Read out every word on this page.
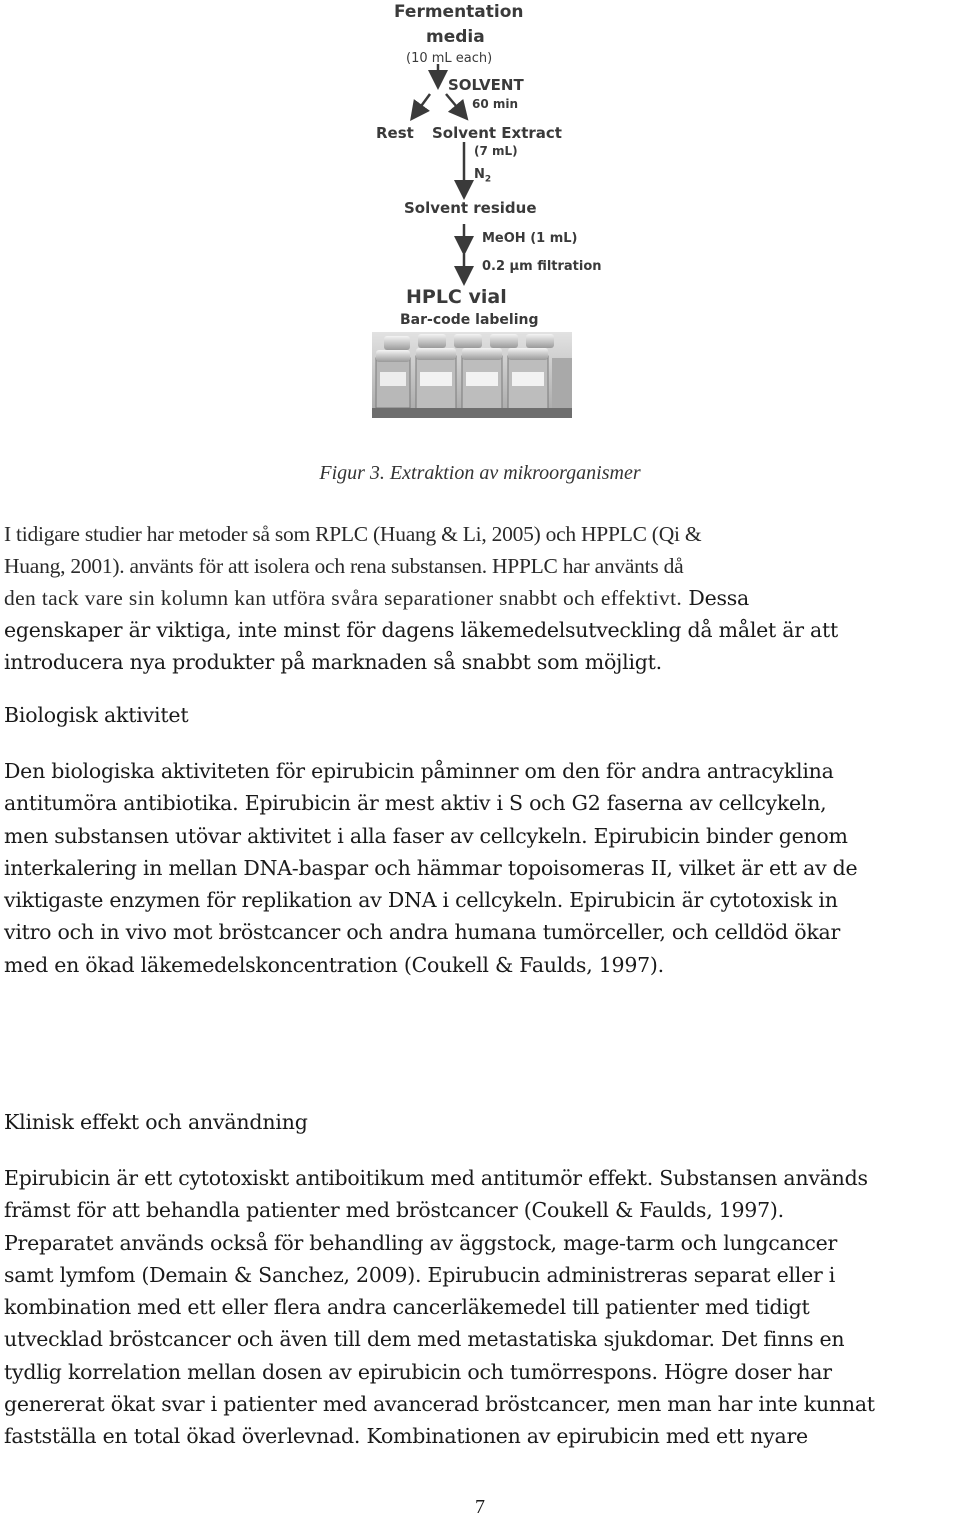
Fermentation
media
(10 mL each)
SOLVENT
60 min
Rest Solvent Extract
(7 mL)
$N_2$
Solvent residue
MeOH (1 mL)
0.2 µm filtration
HPLC vial
Bar-code labeling
Figur 3. Extraktion av mikroorganismer
I tidigare studier har metoder så som RPLC (Huang & Li, 2005) och HPPLC (Qi &
Huang, 2001). använts för att isolera och rena substansen. HPPLC har använts då
den tack vare sin kolumn kan utföra svåra separationer snabbt och effektivt. Dessa
egenskaper är viktiga, inte minst för dagens läkemedelsutveckling då målet är att
introducera nya produkter på marknaden så snabbt som möjligt.
Biologisk aktivitet
Den biologiska aktiviteten för epirubicin påminner om den för andra antracyklina
antitumöra antibiotika. Epirubicin är mest aktiv i S och G2 faserna av cellcykeln,
men substansen utövar aktivitet i alla faser av cellcykeln. Epirubicin binder genom
interkalering in mellan DNA-baspar och hämmar topoisomeras II, vilket är ett av de
viktigaste enzymen för replikation av DNA i cellcykeln. Epirubicin är cytotoxisk in
vitro och in vivo mot bröstcancer och andra humana tumörceller, och celldöd ökar
med en ökad läkemedelskoncentration (Coukell & Faulds, 1997).
Klinisk effekt och användning
Epirubicin är ett cytotoxiskt antiboitikum med antitumör effekt. Substansen används
främst för att behandla patienter med bröstcancer (Coukell & Faulds, 1997).
Preparatet används också för behandling av äggstock, mage-tarm och lungcancer
samt lymfom (Demain & Sanchez, 2009). Epirubucin administreras separat eller i
kombination med ett eller flera andra cancerläkemedel till patienter med tidigt
utvecklad bröstcancer och även till dem med metastatiska sjukdomar. Det finns en
tydlig korrelation mellan dosen av epirubicin och tumörrespons. Högre doser har
genererat ökat svar i patienter med avancerad bröstcancer, men man har inte kunnat
fastställa en total ökad överlevnad. Kombinationen av epirubicin med ett nyare
7
